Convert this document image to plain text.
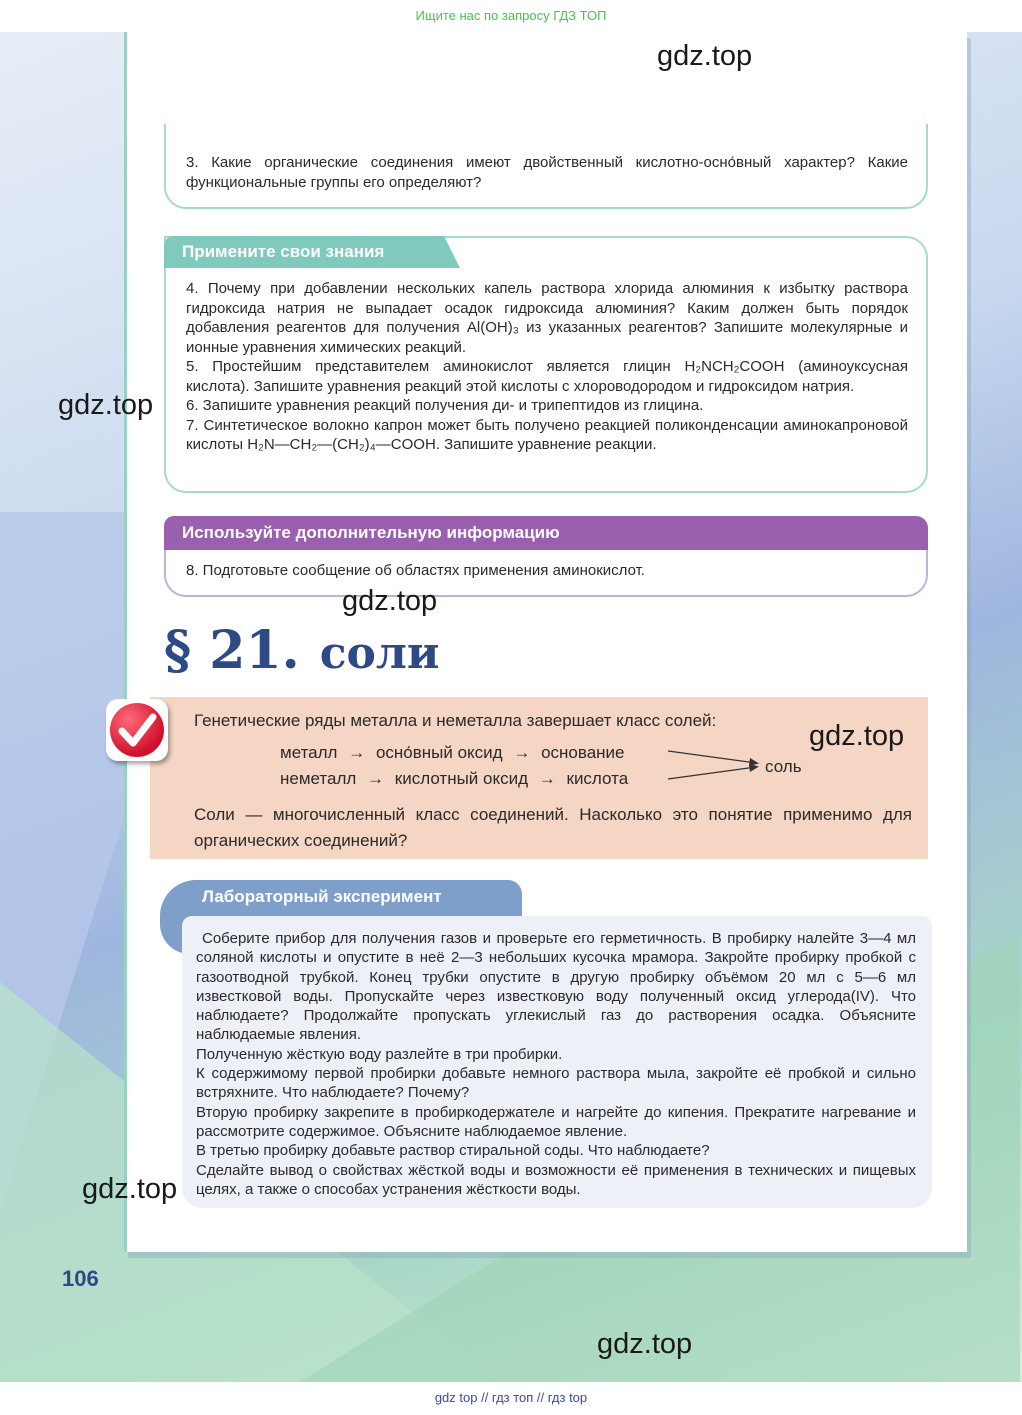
Ищите нас по запросу ГДЗ ТОП
3. Какие органические соединения имеют двойственный кислотно-осно́вный характер? Какие функциональные группы его определяют?
Примените свои знания
4. Почему при добавлении нескольких капель раствора хлорида алюминия к избытку раствора гидроксида натрия не выпадает осадок гидроксида алюминия? Каким должен быть порядок добавления реагентов для получения Al(OH)₃ из указанных реагентов? Запишите молекулярные и ионные уравнения химических реакций.
5. Простейшим представителем аминокислот является глицин H₂NCH₂COOH (аминоуксусная кислота). Запишите уравнения реакций этой кислоты с хлороводородом и гидроксидом натрия.
6. Запишите уравнения реакций получения ди- и трипептидов из глицина.
7. Синтетическое волокно капрон может быть получено реакцией поликонденсации аминокапроновой кислоты H₂N—CH₂—(CH₂)₄—COOH. Запишите уравнение реакции.
Используйте дополнительную информацию
8. Подготовьте сообщение об областях применения аминокислот.
§ 21. соли
Генетические ряды металла и неметалла завершает класс солей:
металл → осно́вный оксид → основание
неметалл → кислотный оксид → кислота
соль
Соли — многочисленный класс соединений. Насколько это понятие применимо для органических соединений?
Лабораторный эксперимент
Соберите прибор для получения газов и проверьте его герметичность. В пробирку налейте 3—4 мл соляной кислоты и опустите в неё 2—3 небольших кусочка мрамора. Закройте пробирку пробкой с газоотводной трубкой. Конец трубки опустите в другую пробирку объёмом 20 мл с 5—6 мл известковой воды. Пропускайте через известковую воду полученный оксид углерода(IV). Что наблюдаете? Продолжайте пропускать углекислый газ до растворения осадка. Объясните наблюдаемые явления.
Полученную жёсткую воду разлейте в три пробирки.
К содержимому первой пробирки добавьте немного раствора мыла, закройте её пробкой и сильно встряхните. Что наблюдаете? Почему?
Вторую пробирку закрепите в пробиркодержателе и нагрейте до кипения. Прекратите нагревание и рассмотрите содержимое. Объясните наблюдаемое явление.
В третью пробирку добавьте раствор стиральной соды. Что наблюдаете?
Сделайте вывод о свойствах жёсткой воды и возможности её применения в технических и пищевых целях, а также о способах устранения жёсткости воды.
106
gdz.top
gdz.top
gdz.top
gdz.top
gdz.top
gdz.top
gdz top // гдз топ // гдз top
